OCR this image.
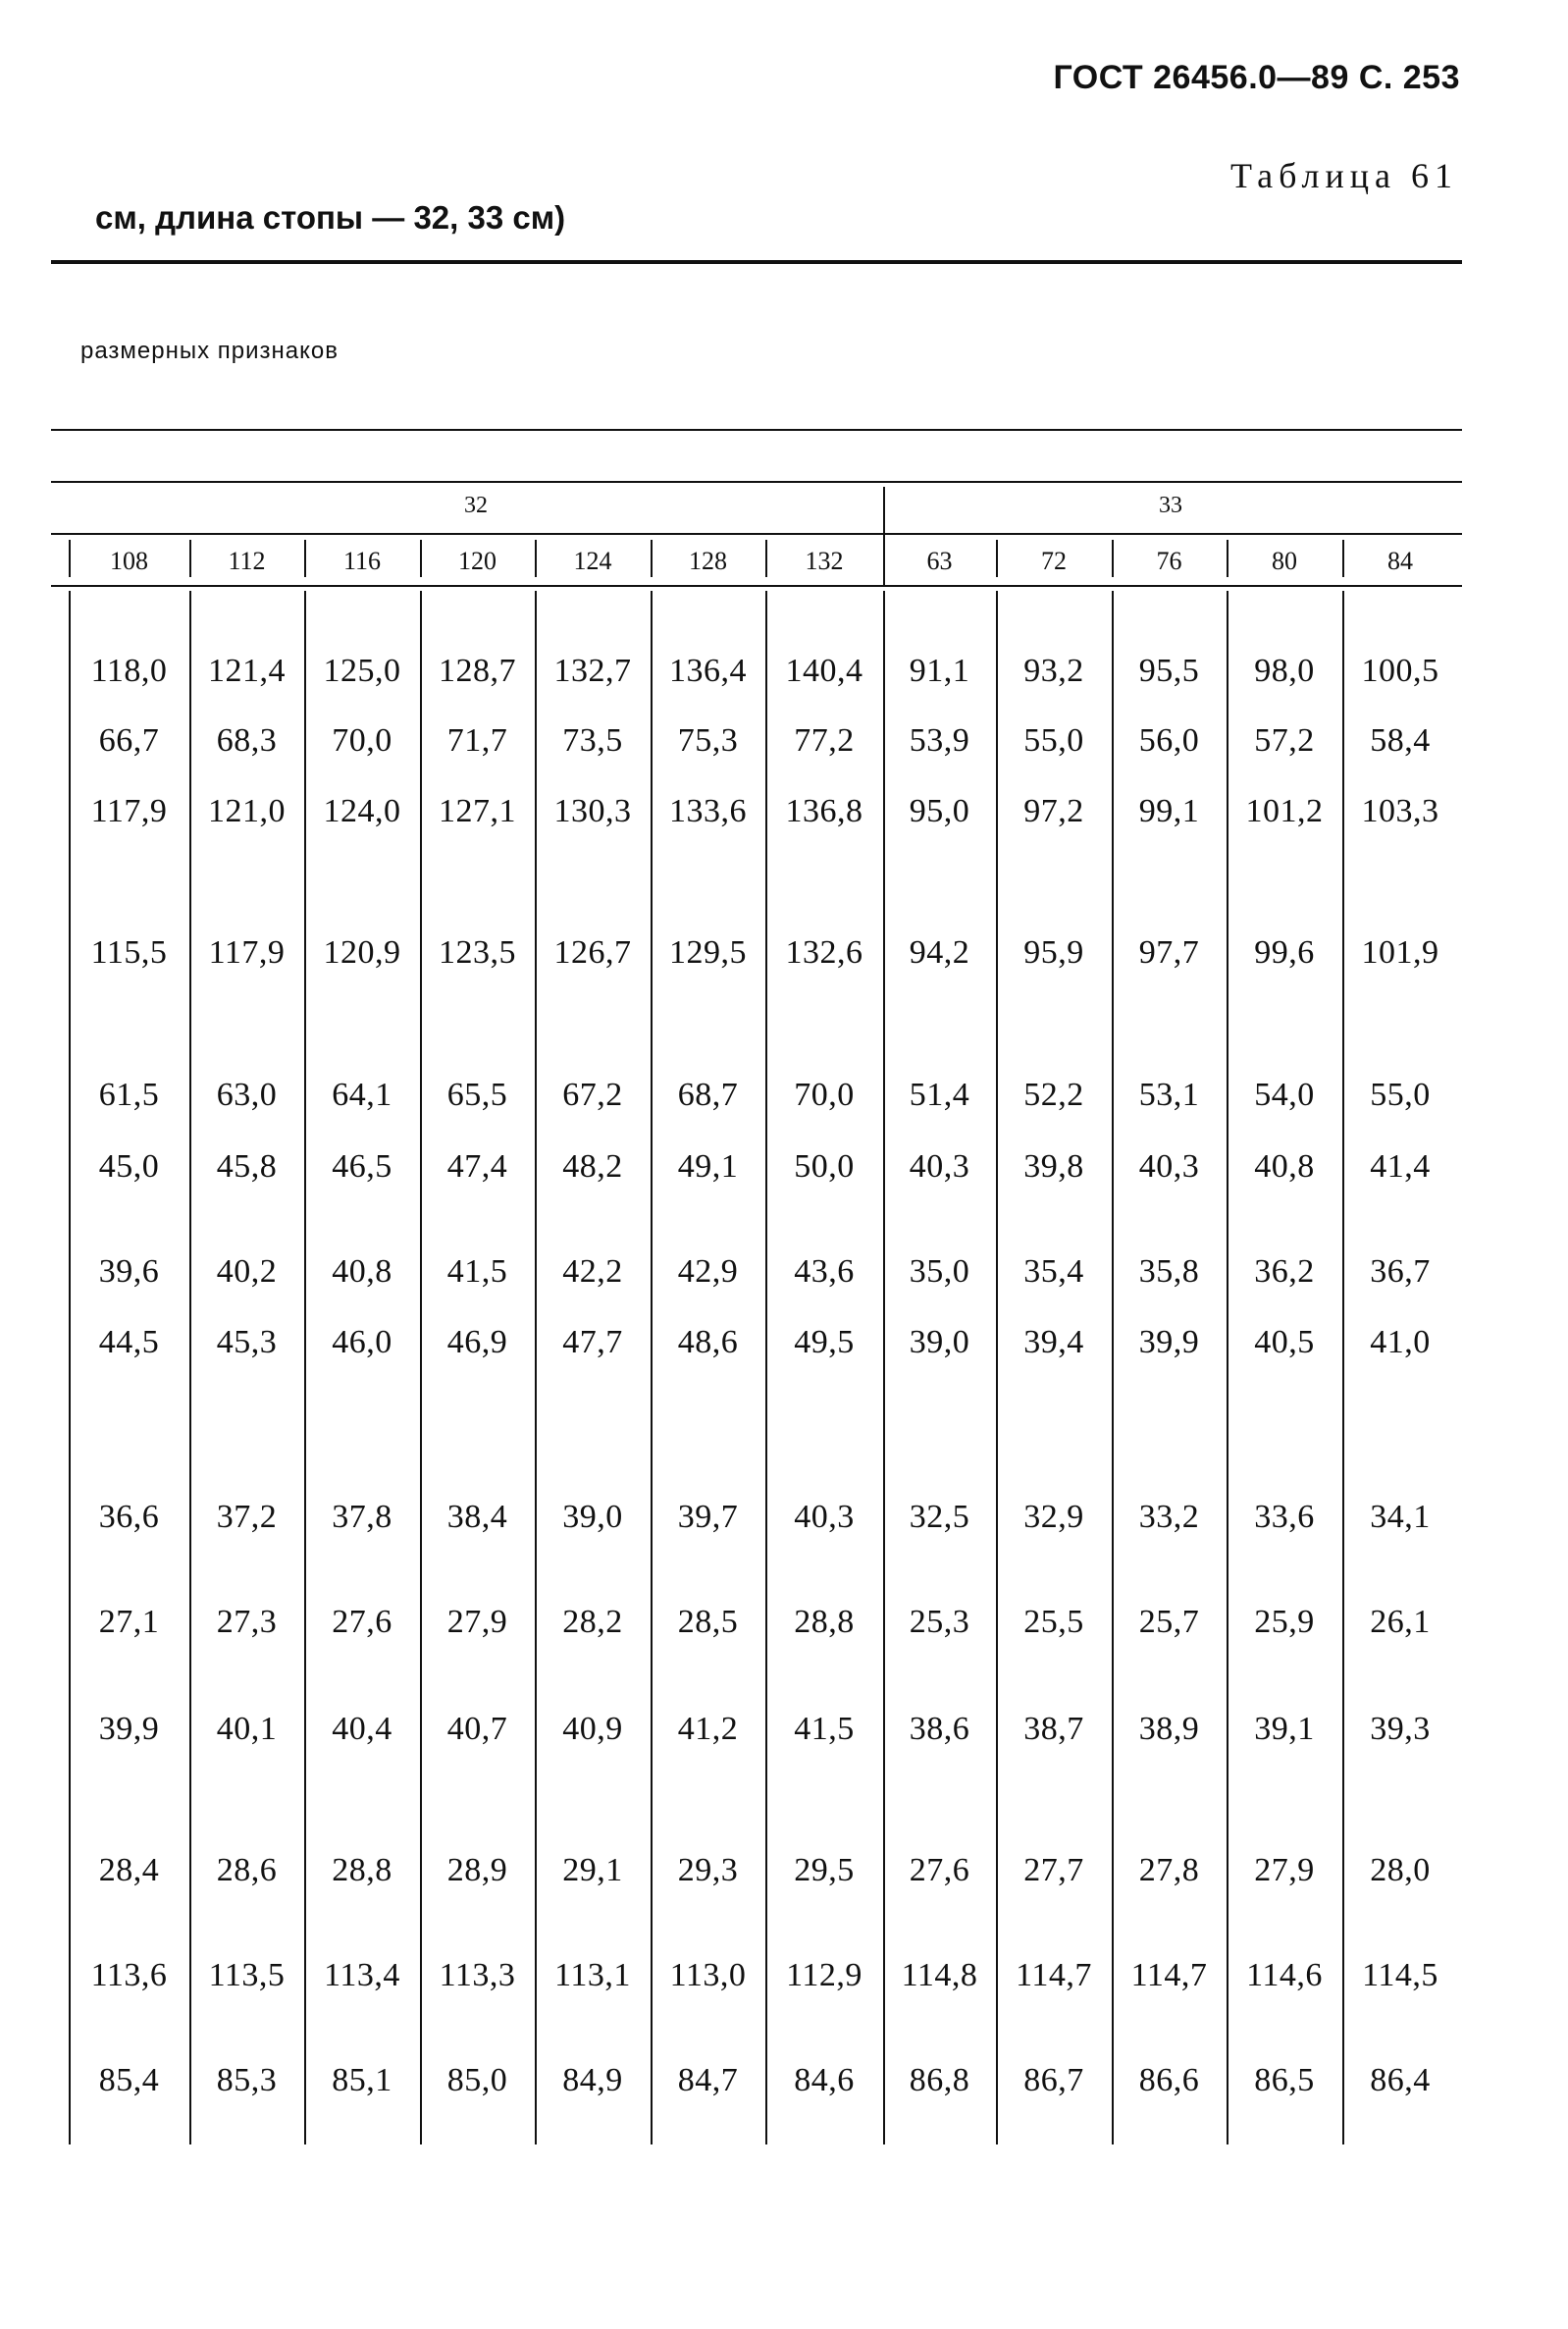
ГОСТ 26456.0—89 С. 253
Таблица 61
см, длина стопы — 32, 33 см)
размерных признаков
32	33
108	112	116	120	124	128	132	63	72	76	80	84
118,0	121,4	125,0	128,7	132,7	136,4	140,4	91,1	93,2	95,5	98,0	100,5
66,7	68,3	70,0	71,7	73,5	75,3	77,2	53,9	55,0	56,0	57,2	58,4
117,9	121,0	124,0	127,1	130,3	133,6	136,8	95,0	97,2	99,1	101,2	103,3
115,5	117,9	120,9	123,5	126,7	129,5	132,6	94,2	95,9	97,7	99,6	101,9
61,5	63,0	64,1	65,5	67,2	68,7	70,0	51,4	52,2	53,1	54,0	55,0
45,0	45,8	46,5	47,4	48,2	49,1	50,0	40,3	39,8	40,3	40,8	41,4
39,6	40,2	40,8	41,5	42,2	42,9	43,6	35,0	35,4	35,8	36,2	36,7
44,5	45,3	46,0	46,9	47,7	48,6	49,5	39,0	39,4	39,9	40,5	41,0
36,6	37,2	37,8	38,4	39,0	39,7	40,3	32,5	32,9	33,2	33,6	34,1
27,1	27,3	27,6	27,9	28,2	28,5	28,8	25,3	25,5	25,7	25,9	26,1
39,9	40,1	40,4	40,7	40,9	41,2	41,5	38,6	38,7	38,9	39,1	39,3
28,4	28,6	28,8	28,9	29,1	29,3	29,5	27,6	27,7	27,8	27,9	28,0
113,6	113,5	113,4	113,3	113,1	113,0	112,9	114,8	114,7	114,7	114,6	114,5
85,4	85,3	85,1	85,0	84,9	84,7	84,6	86,8	86,7	86,6	86,5	86,4
